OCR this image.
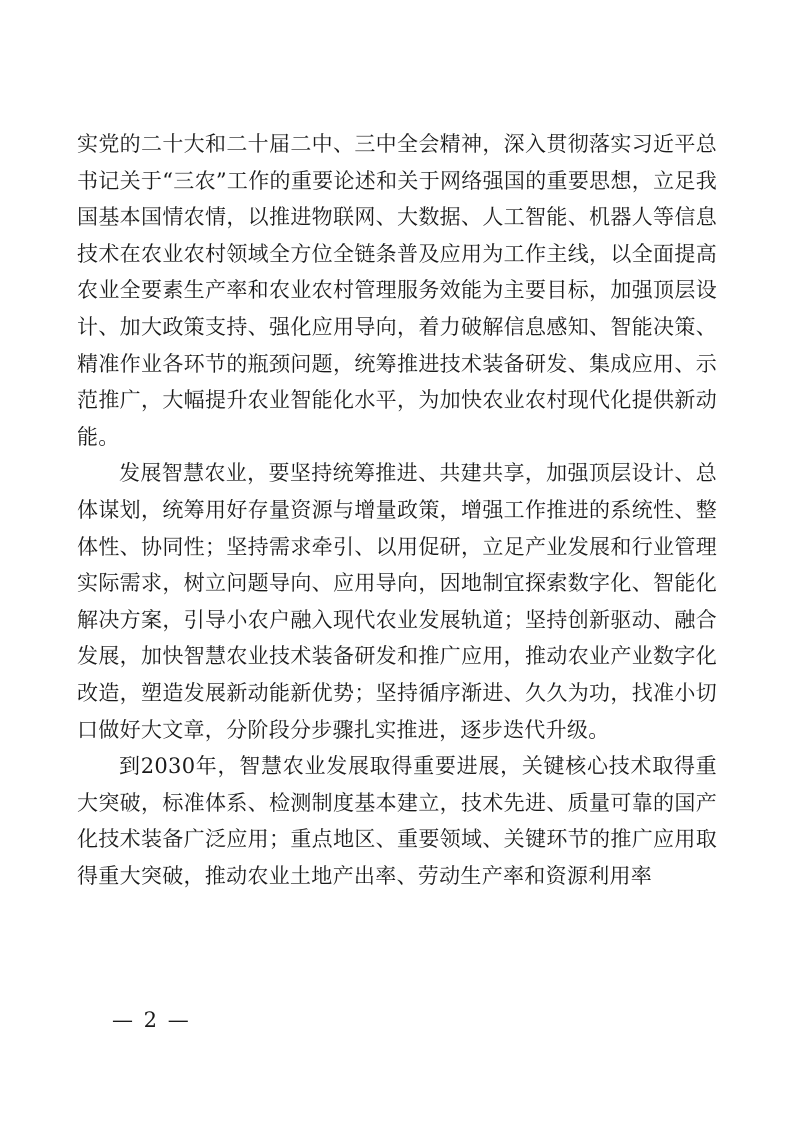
实党的二十大和二十届二中、三中全会精神，深入贯彻落实习近平总书记关于“三农”工作的重要论述和关于网络强国的重要思想，立足我国基本国情农情，以推进物联网、大数据、人工智能、机器人等信息技术在农业农村领域全方位全链条普及应用为工作主线，以全面提高农业全要素生产率和农业农村管理服务效能为主要目标，加强顶层设计、加大政策支持、强化应用导向，着力破解信息感知、智能决策、精准作业各环节的瓶颈问题，统筹推进技术装备研发、集成应用、示范推广，大幅提升农业智能化水平，为加快农业农村现代化提供新动能。

发展智慧农业，要坚持统筹推进、共建共享，加强顶层设计、总体谋划，统筹用好存量资源与增量政策，增强工作推进的系统性、整体性、协同性；坚持需求牵引、以用促研，立足产业发展和行业管理实际需求，树立问题导向、应用导向，因地制宜探索数字化、智能化解决方案，引导小农户融入现代农业发展轨道；坚持创新驱动、融合发展，加快智慧农业技术装备研发和推广应用，推动农业产业数字化改造，塑造发展新动能新优势；坚持循序渐进、久久为功，找准小切口做好大文章，分阶段分步骤扎实推进，逐步迭代升级。

到2030年，智慧农业发展取得重要进展，关键核心技术取得重大突破，标准体系、检测制度基本建立，技术先进、质量可靠的国产化技术装备广泛应用；重点地区、重要领域、关键环节的推广应用取得重大突破，推动农业土地产出率、劳动生产率和资源利用率

— 2 —
